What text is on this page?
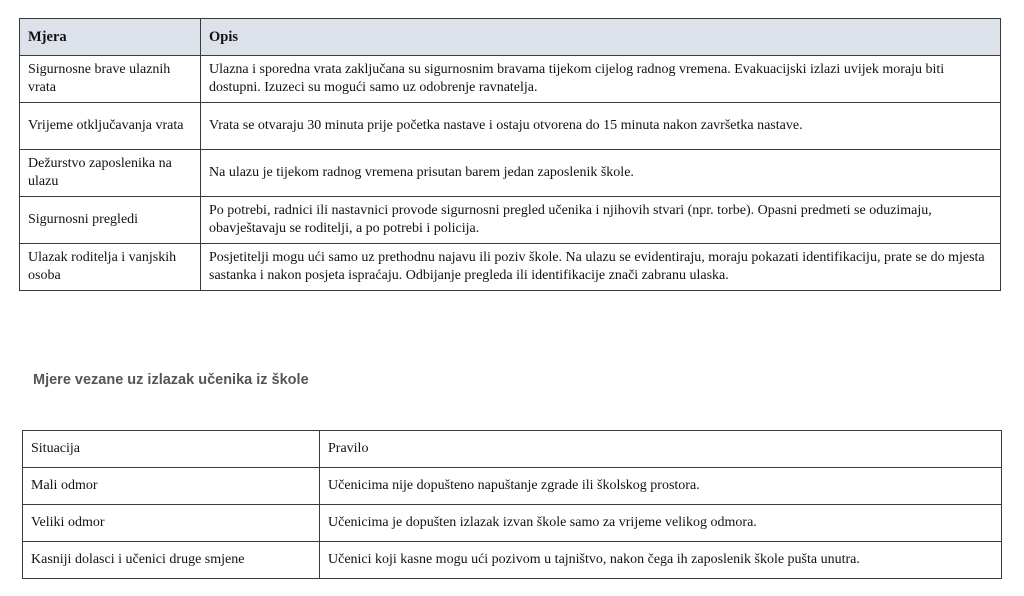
Mjera	Opis
Sigurnosne brave ulaznih vrata	Ulazna i sporedna vrata zaključana su sigurnosnim bravama tijekom cijelog radnog vremena. Evakuacijski izlazi uvijek moraju biti dostupni. Izuzeci su mogući samo uz odobrenje ravnatelja.
Vrijeme otključavanja vrata	Vrata se otvaraju 30 minuta prije početka nastave i ostaju otvorena do 15 minuta nakon završetka nastave.
Dežurstvo zaposlenika na ulazu	Na ulazu je tijekom radnog vremena prisutan barem jedan zaposlenik škole.
Sigurnosni pregledi	Po potrebi, radnici ili nastavnici provode sigurnosni pregled učenika i njihovih stvari (npr. torbe). Opasni predmeti se oduzimaju, obavještavaju se roditelji, a po potrebi i policija.
Ulazak roditelja i vanjskih osoba	Posjetitelji mogu ući samo uz prethodnu najavu ili poziv škole. Na ulazu se evidentiraju, moraju pokazati identifikaciju, prate se do mjesta sastanka i nakon posjeta ispraćaju. Odbijanje pregleda ili identifikacije znači zabranu ulaska.
Mjere vezane uz izlazak učenika iz škole
Situacija	Pravilo
Mali odmor	Učenicima nije dopušteno napuštanje zgrade ili školskog prostora.
Veliki odmor	Učenicima je dopušten izlazak izvan škole samo za vrijeme velikog odmora.
Kasniji dolasci i učenici druge smjene	Učenici koji kasne mogu ući pozivom u tajništvo, nakon čega ih zaposlenik škole pušta unutra.
